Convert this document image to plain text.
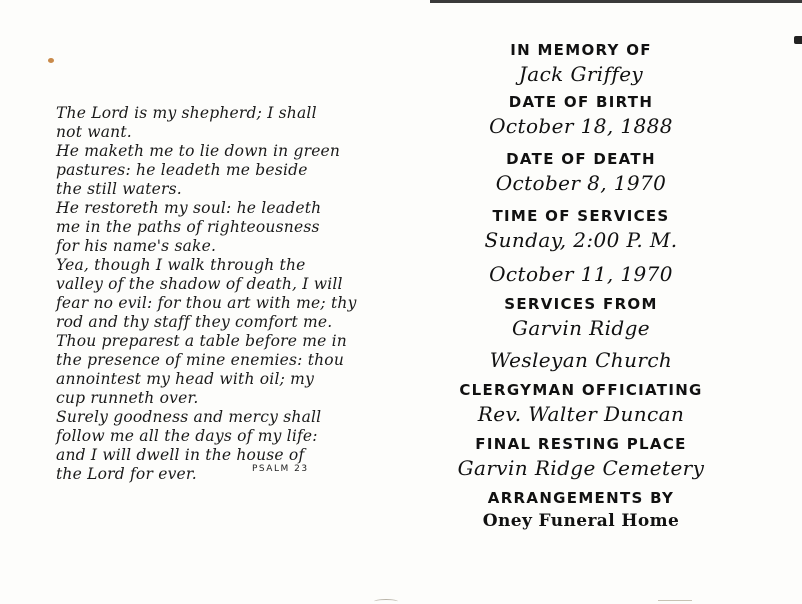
The Lord is my shepherd; I shall
not want.
He maketh me to lie down in green
pastures: he leadeth me beside
the still waters.
He restoreth my soul: he leadeth
me in the paths of righteousness
for his name's sake.
Yea, though I walk through the
valley of the shadow of death, I will
fear no evil: for thou art with me; thy
rod and thy staff they comfort me.
Thou preparest a table before me in
the presence of mine enemies: thou
annointest my head with oil; my
cup runneth over.
Surely goodness and mercy shall
follow me all the days of my life:
and I will dwell in the house of
the Lord for ever.	PSALM 23
IN MEMORY OF
Jack Griffey
DATE OF BIRTH
October 18, 1888
DATE OF DEATH
October 8, 1970
TIME OF SERVICES
Sunday, 2:00 P. M.
October 11, 1970
SERVICES FROM
Garvin Ridge
Wesleyan Church
CLERGYMAN OFFICIATING
Rev. Walter Duncan
FINAL RESTING PLACE
Garvin Ridge Cemetery
ARRANGEMENTS BY
Oney Funeral Home
